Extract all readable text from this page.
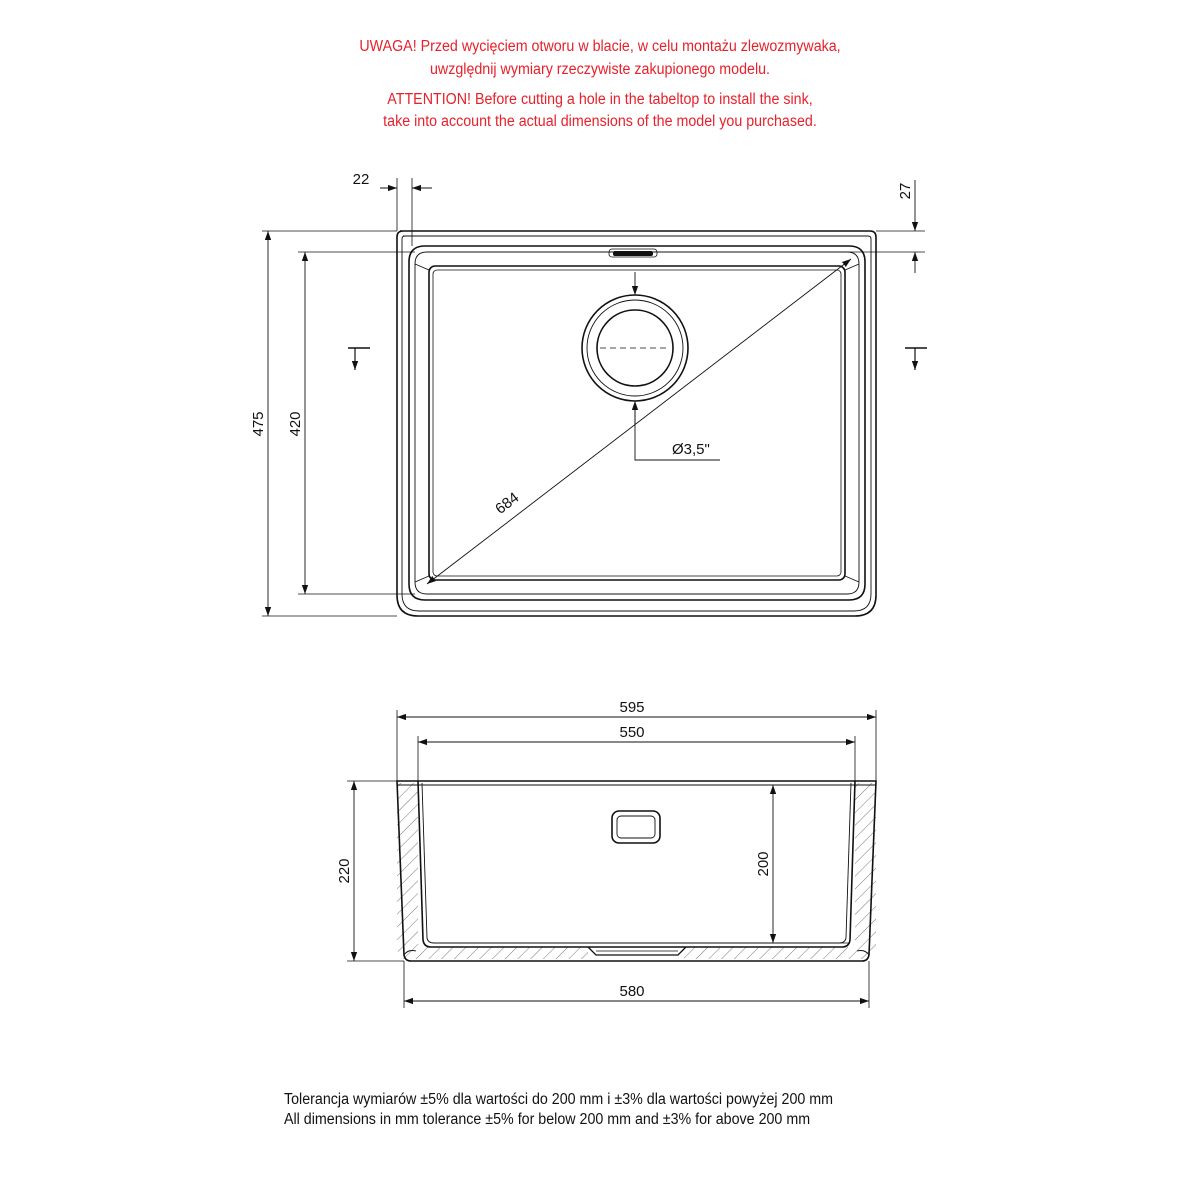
UWAGA! Przed wycięciem otworu w blacie, w celu montażu zlewozmywaka,
uwzględnij wymiary rzeczywiste zakupionego modelu.
ATTENTION! Before cutting a hole in the tabeltop to install the sink,
take into account the actual dimensions of the model you purchased.
22
27
475 420
684
Ø3,5"
595
550
580
220	200
Tolerancja wymiarów ±5% dla wartości do 200 mm i ±3% dla wartości powyżej 200 mm
All dimensions in mm tolerance ±5% for below 200 mm and ±3% for above 200 mm
